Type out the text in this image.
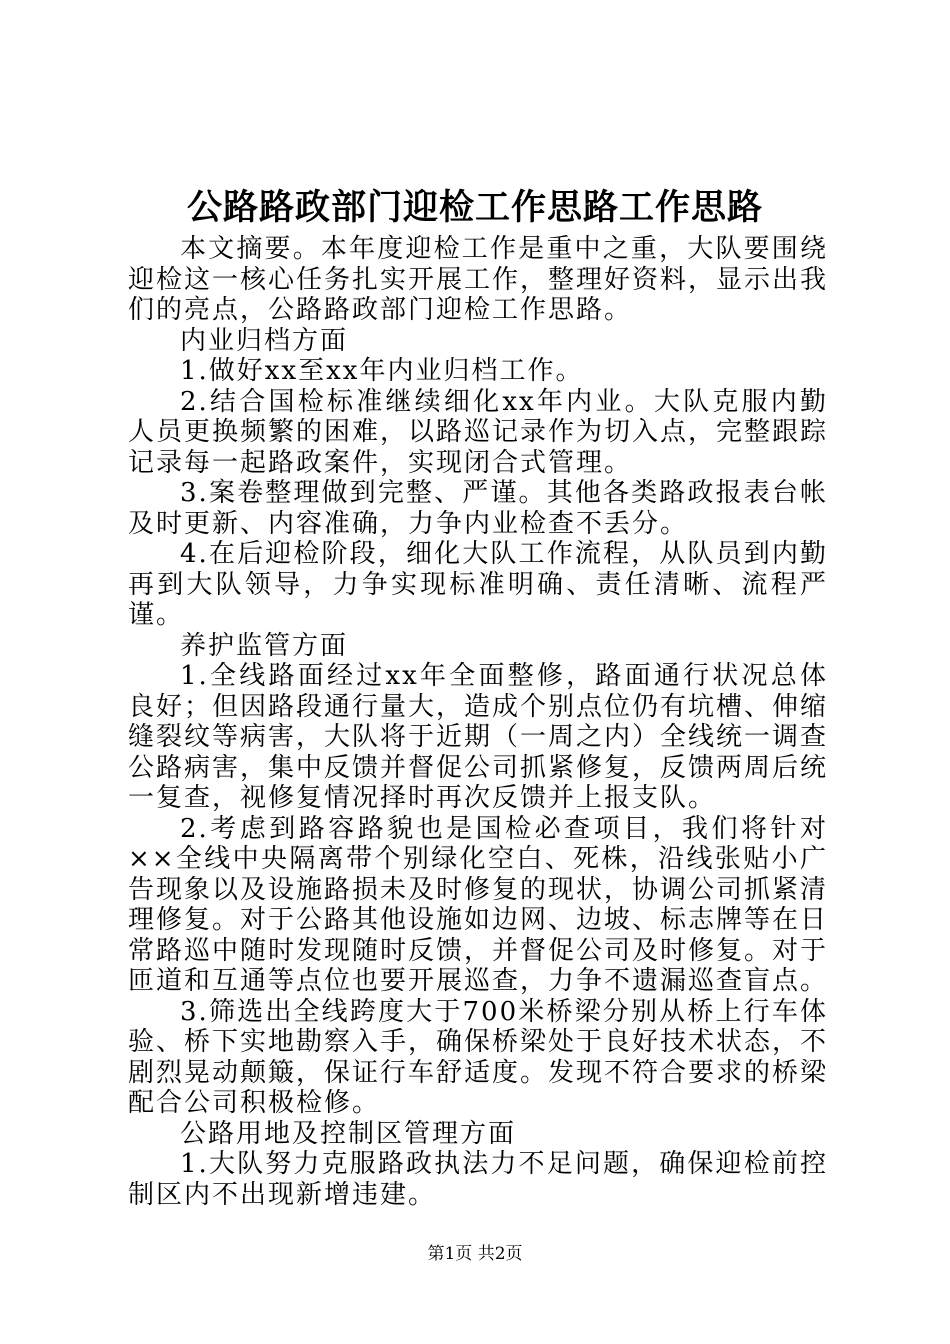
公路路政部门迎检工作思路工作思路

本文摘要。本年度迎检工作是重中之重，大队要围绕迎检这一核心任务扎实开展工作，整理好资料，显示出我们的亮点，公路路政部门迎检工作思路。

内业归档方面

1.做好xx至xx年内业归档工作。

2.结合国检标准继续细化xx年内业。大队克服内勤人员更换频繁的困难，以路巡记录作为切入点，完整跟踪记录每一起路政案件，实现闭合式管理。

3.案卷整理做到完整、严谨。其他各类路政报表台帐及时更新、内容准确，力争内业检查不丢分。

4.在后迎检阶段，细化大队工作流程，从队员到内勤再到大队领导，力争实现标准明确、责任清晰、流程严谨。

养护监管方面

1.全线路面经过xx年全面整修，路面通行状况总体良好；但因路段通行量大，造成个别点位仍有坑槽、伸缩缝裂纹等病害，大队将于近期（一周之内）全线统一调查公路病害，集中反馈并督促公司抓紧修复，反馈两周后统一复查，视修复情况择时再次反馈并上报支队。

2.考虑到路容路貌也是国检必查项目，我们将针对××全线中央隔离带个别绿化空白、死株，沿线张贴小广告现象以及设施路损未及时修复的现状，协调公司抓紧清理修复。对于公路其他设施如边网、边坡、标志牌等在日常路巡中随时发现随时反馈，并督促公司及时修复。对于匝道和互通等点位也要开展巡查，力争不遗漏巡查盲点。

3.筛选出全线跨度大于700米桥梁分别从桥上行车体验、桥下实地勘察入手，确保桥梁处于良好技术状态，不剧烈晃动颠簸，保证行车舒适度。发现不符合要求的桥梁配合公司积极检修。

公路用地及控制区管理方面

1.大队努力克服路政执法力不足问题，确保迎检前控制区内不出现新增违建。

第1页 共2页
